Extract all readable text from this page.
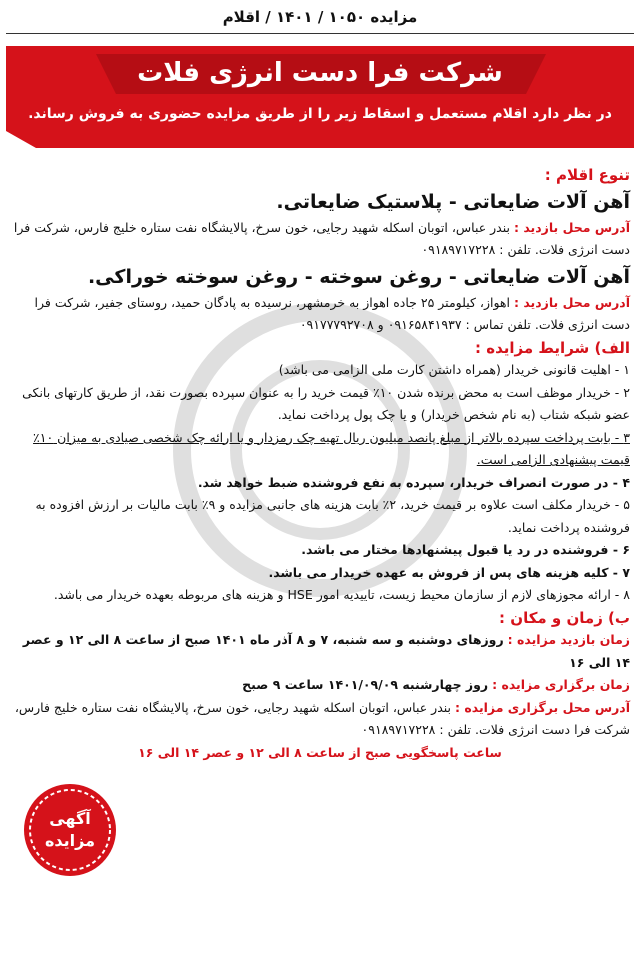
مزایده ۱۰۵۰ / ۱۴۰۱ / اقلام
شرکت فرا دست انرژی فلات
در نظر دارد اقلام مستعمل و اسقاط زیر را از طریق مزایده حضوری به فروش رساند.
تنوع اقلام :
آهن آلات ضایعاتی - پلاستیک ضایعاتی.

آدرس محل بازدید : بندر عباس، اتوبان اسکله شهید رجایی، خون سرخ، پالایشگاه نفت ستاره خلیج فارس، شرکت فرا دست انرژی فلات. تلفن : ۰۹۱۸۹۷۱۷۲۲۸

آهن آلات ضایعاتی - روغن سوخته - روغن سوخته خوراکی.

آدرس محل بازدید : اهواز، کیلومتر ۲۵ جاده اهواز به خرمشهر، نرسیده به پادگان حمید، روستای جفیر، شرکت فرا دست انرژی فلات. تلفن تماس : ۰۹۱۶۵۸۴۱۹۳۷ و ۰۹۱۷۷۷۹۲۷۰۸

الف) شرایط مزایده :

۱ - اهلیت قانونی خریدار (همراه داشتن کارت ملی الزامی می باشد)

۲ - خریدار موظف است به محض برنده شدن ۱۰٪ قیمت خرید را به عنوان سپرده بصورت نقد، از طریق کارتهای بانکی عضو شبکه شتاب (به نام شخص خریدار) و یا چک پول پرداخت نماید.

۳ - بابت پرداخت سپرده بالاتر از مبلغ پانصد میلیون ریال تهیه چک رمزدار و یا ارائه چک شخصی صیادی به میزان ۱۰٪ قیمت پیشنهادی الزامی است.

۴ - در صورت انصراف خریدار، سپرده به نفع فروشنده ضبط خواهد شد.

۵ - خریدار مکلف است علاوه بر قیمت خرید، ۲٪ بابت هزینه های جانبی مزایده و ۹٪ بابت مالیات بر ارزش افزوده به فروشنده پرداخت نماید.

۶ - فروشنده در رد یا قبول پیشنهادها مختار می باشد.

۷ - کلیه هزینه های پس از فروش به عهده خریدار می باشد.

۸ - ارائه مجوزهای لازم از سازمان محیط زیست، تاییدیه امور HSE و هزینه های مربوطه بعهده خریدار می باشد.

ب) زمان و مکان :

زمان بازدید مزایده : روزهای دوشنبه و سه شنبه، ۷ و ۸ آذر ماه ۱۴۰۱ صبح از ساعت ۸ الی ۱۲ و عصر ۱۴ الی ۱۶

زمان برگزاری مزایده : روز چهارشنبه ۱۴۰۱/۰۹/۰۹ ساعت ۹ صبح

آدرس محل برگزاری مزایده : بندر عباس، اتوبان اسکله شهید رجایی، خون سرخ، پالایشگاه نفت ستاره خلیج فارس، شرکت فرا دست انرژی فلات. تلفن : ۰۹۱۸۹۷۱۷۲۲۸

ساعت پاسخگویی صبح از ساعت ۸ الی ۱۲ و عصر ۱۴ الی ۱۶

آگهی
مزایده
